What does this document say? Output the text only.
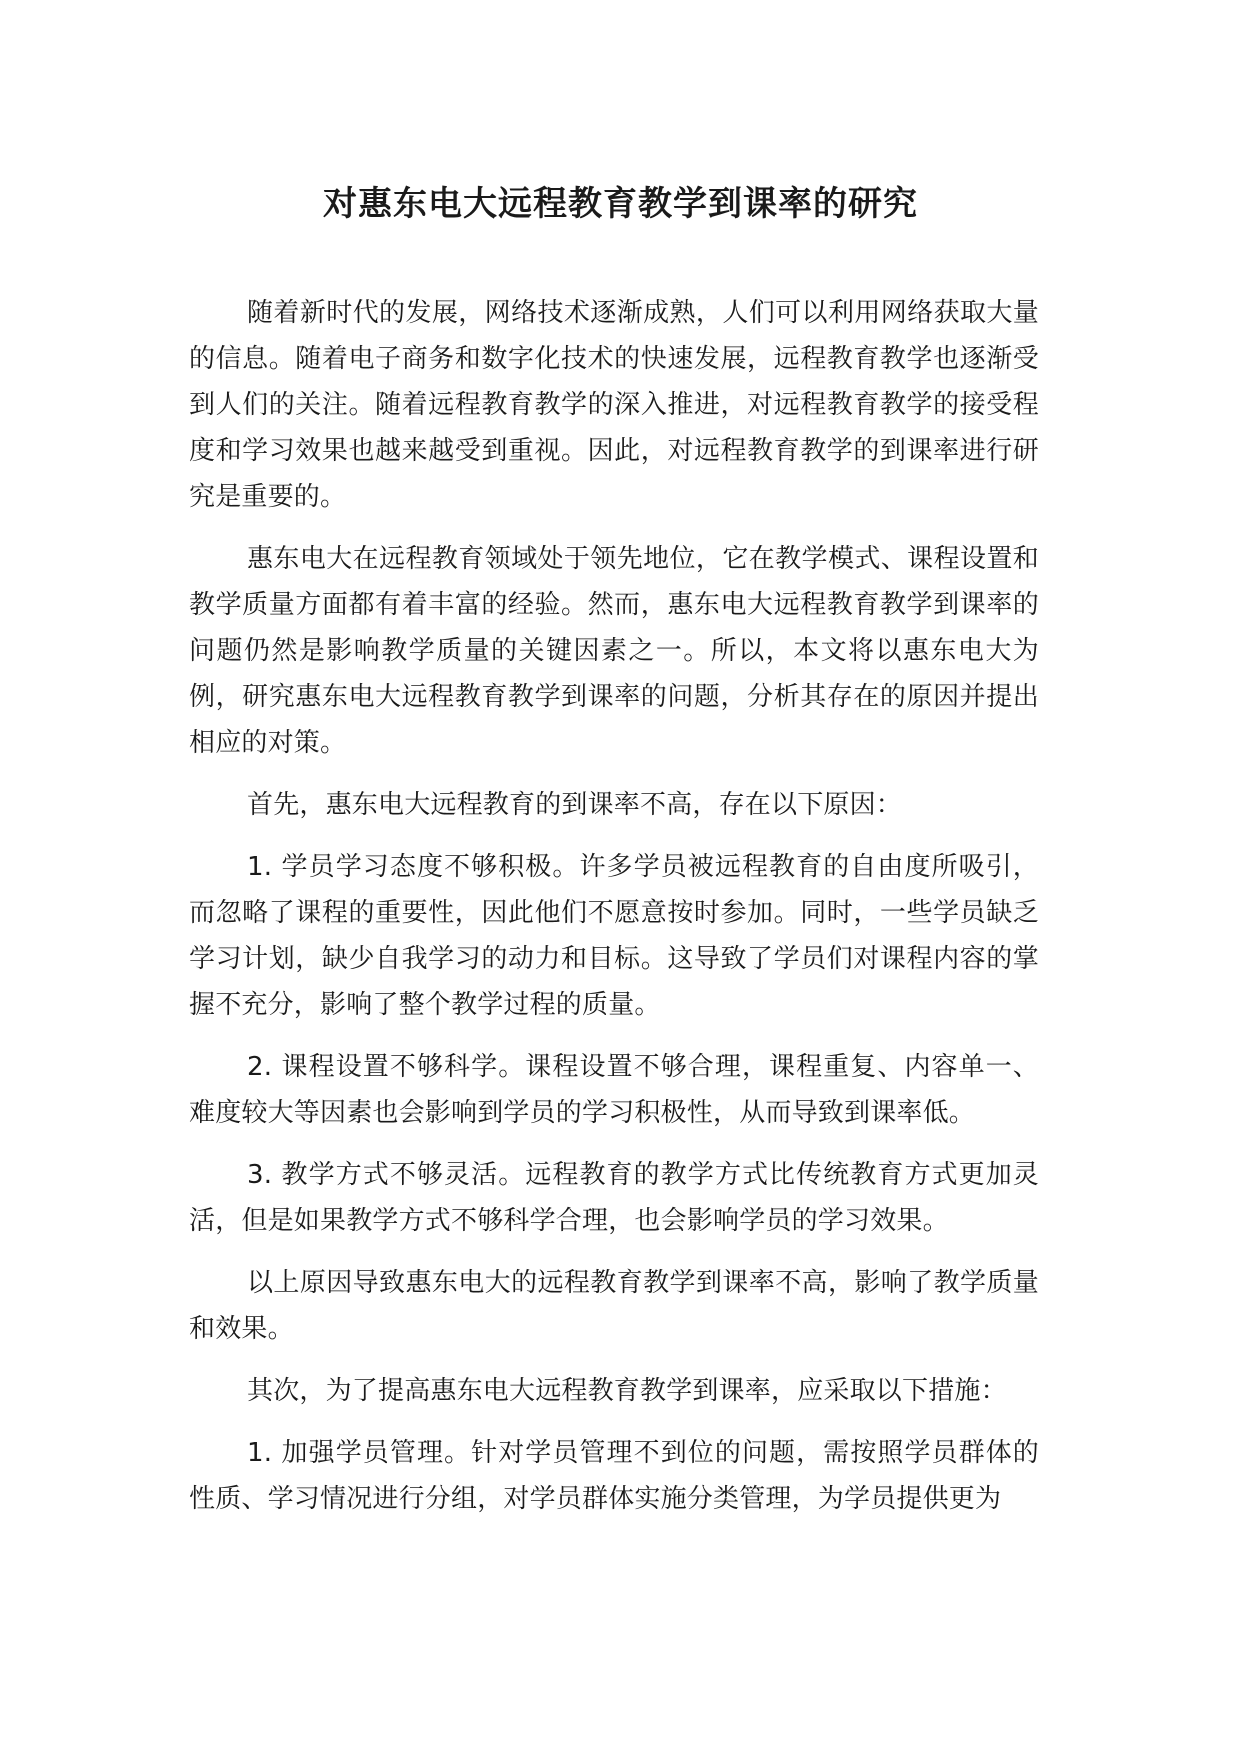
对惠东电大远程教育教学到课率的研究

随着新时代的发展，网络技术逐渐成熟，人们可以利用网络获取大量的信息。随着电子商务和数字化技术的快速发展，远程教育教学也逐渐受到人们的关注。随着远程教育教学的深入推进，对远程教育教学的接受程度和学习效果也越来越受到重视。因此，对远程教育教学的到课率进行研究是重要的。

惠东电大在远程教育领域处于领先地位，它在教学模式、课程设置和教学质量方面都有着丰富的经验。然而，惠东电大远程教育教学到课率的问题仍然是影响教学质量的关键因素之一。所以，本文将以惠东电大为例，研究惠东电大远程教育教学到课率的问题，分析其存在的原因并提出相应的对策。

首先，惠东电大远程教育的到课率不高，存在以下原因：

1. 学员学习态度不够积极。许多学员被远程教育的自由度所吸引，而忽略了课程的重要性，因此他们不愿意按时参加。同时，一些学员缺乏学习计划，缺少自我学习的动力和目标。这导致了学员们对课程内容的掌握不充分，影响了整个教学过程的质量。

2. 课程设置不够科学。课程设置不够合理，课程重复、内容单一、难度较大等因素也会影响到学员的学习积极性，从而导致到课率低。

3. 教学方式不够灵活。远程教育的教学方式比传统教育方式更加灵活，但是如果教学方式不够科学合理，也会影响学员的学习效果。

以上原因导致惠东电大的远程教育教学到课率不高，影响了教学质量和效果。

其次，为了提高惠东电大远程教育教学到课率，应采取以下措施：

1. 加强学员管理。针对学员管理不到位的问题，需按照学员群体的性质、学习情况进行分组，对学员群体实施分类管理，为学员提供更为
